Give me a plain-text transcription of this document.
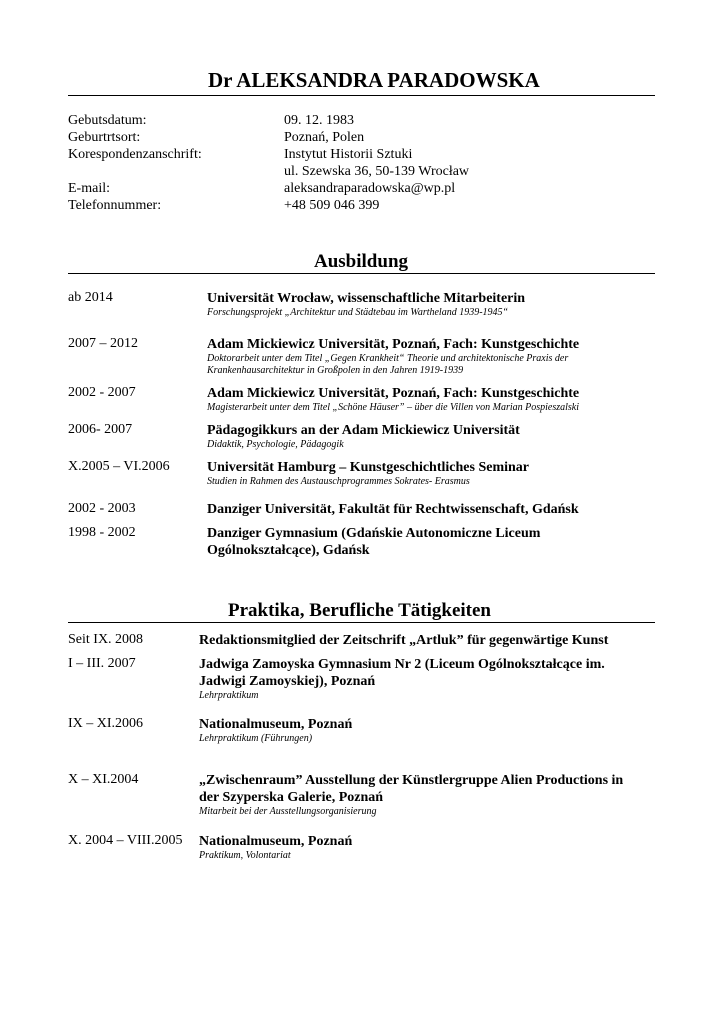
Dr ALEKSANDRA PARADOWSKA
Gebutsdatum:	09. 12. 1983
Geburtrtsort:	Poznań, Polen
Korespondenzanschrift:	Instytut Historii Sztuki
ul. Szewska 36, 50-139 Wrocław
E-mail:	aleksandraparadowska@wp.pl
Telefonnummer:	+48 509 046 399
Ausbildung
ab 2014	Universität Wrocław, wissenschaftliche Mitarbeiterin
Forschungsprojekt „Architektur und Städtebau im Wartheland 1939-1945“
2007 – 2012	Adam Mickiewicz Universität, Poznań, Fach: Kunstgeschichte
Doktorarbeit unter dem Titel „Gegen Krankheit“ Theorie und architektonische Praxis der
Krankenhausarchitektur in Großpolen in den Jahren 1919-1939
2002 - 2007	Adam Mickiewicz Universität, Poznań, Fach: Kunstgeschichte
Magisterarbeit unter dem Titel „Schöne Häuser” – über die Villen von Marian Pospieszalski
2006- 2007	Pädagogikkurs an der Adam Mickiewicz Universität
Didaktik, Psychologie, Pädagogik
X.2005 – VI.2006	Universität Hamburg – Kunstgeschichtliches Seminar
Studien in Rahmen des Austauschprogrammes Sokrates- Erasmus
2002 - 2003	Danziger Universität, Fakultät für Rechtwissenschaft, Gdańsk
1998 - 2002	Danziger Gymnasium (Gdańskie Autonomiczne Liceum
Ogólnokształcące), Gdańsk
Praktika, Berufliche Tätigkeiten
Seit IX. 2008	Redaktionsmitglied der Zeitschrift „Artluk” für gegenwärtige Kunst
I – III. 2007	Jadwiga Zamoyska Gymnasium Nr 2 (Liceum Ogólnokształcące im.
Jadwigi Zamoyskiej), Poznań
Lehrpraktikum
IX – XI.2006	Nationalmuseum, Poznań
Lehrpraktikum (Führungen)
X – XI.2004	„Zwischenraum” Ausstellung der Künstlergruppe Alien Productions in
der Szyperska Galerie, Poznań
Mitarbeit bei der Ausstellungsorganisierung
X. 2004 – VIII.2005 Nationalmuseum, Poznań
Praktikum, Volontariat
